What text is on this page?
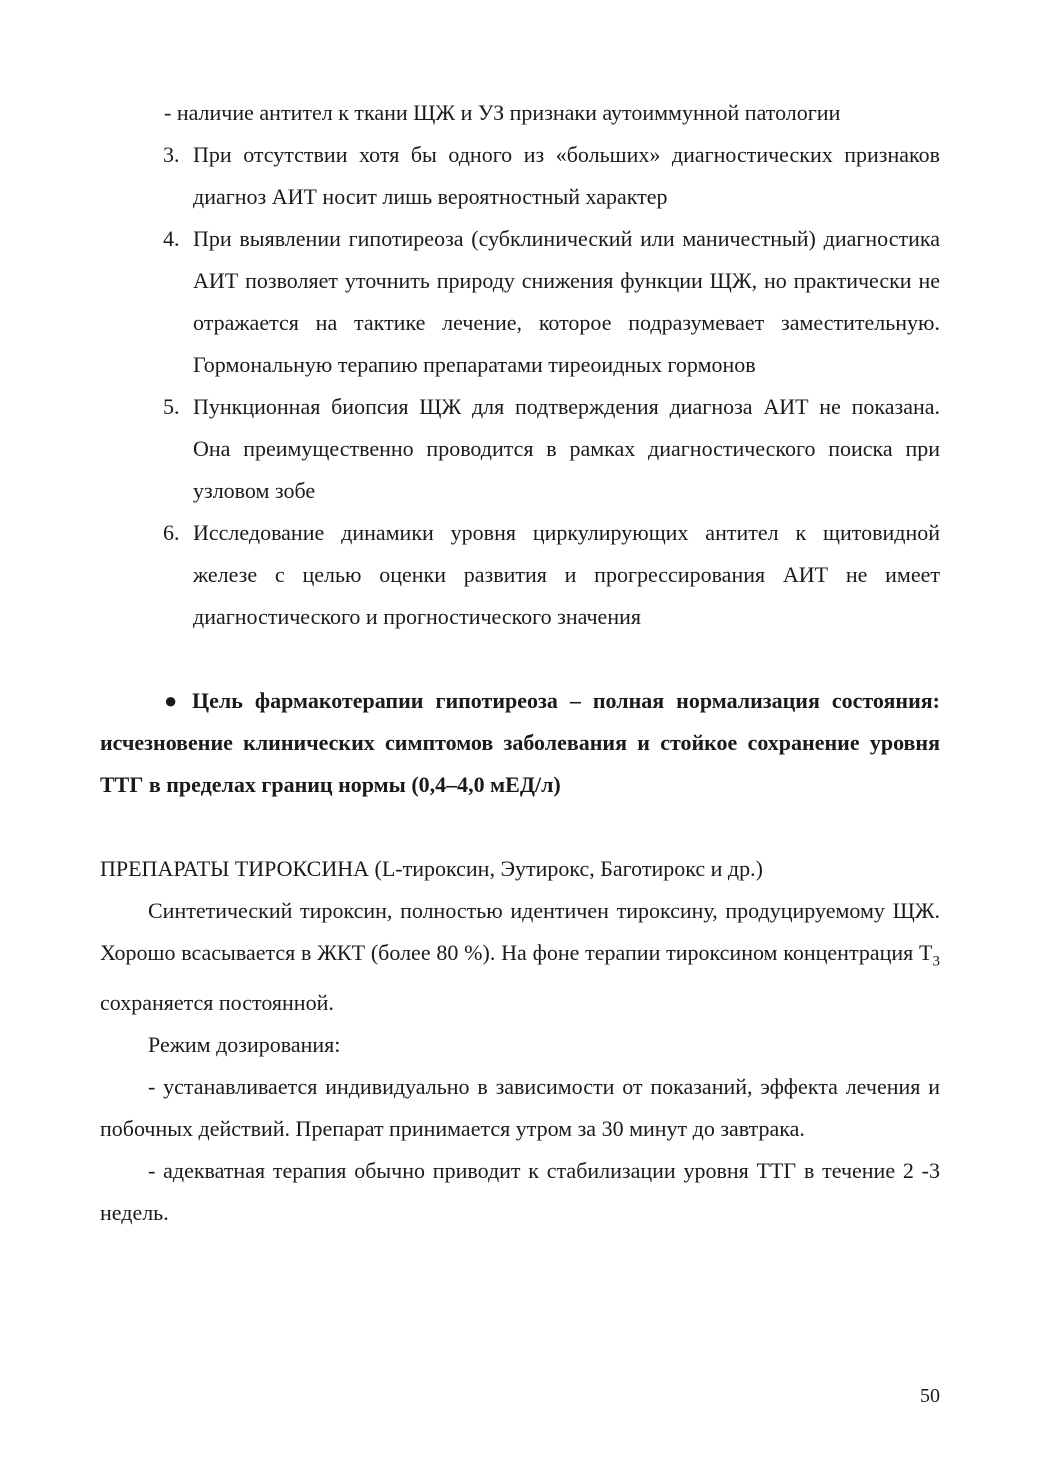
- наличие антител к ткани ЩЖ и УЗ признаки аутоиммунной патологии
3. При отсутствии хотя бы одного из «больших» диагностических признаков диагноз АИТ носит лишь вероятностный характер
4. При выявлении гипотиреоза (субклинический или маничестный) диагностика АИТ позволяет уточнить природу снижения функции ЩЖ, но практически не отражается на тактике лечение, которое подразумевает заместительную. Гормональную терапию препаратами тиреоидных гормонов
5. Пункционная биопсия ЩЖ для подтверждения диагноза АИТ не показана. Она преимущественно проводится в рамках диагностического поиска при узловом зобе
6. Исследование динамики уровня циркулирующих антител к щитовидной железе с целью оценки развития и прогрессирования АИТ не имеет диагностического и прогностического значения
● Цель фармакотерапии гипотиреоза – полная нормализация состояния: исчезновение клинических симптомов заболевания и стойкое сохранение уровня ТТГ в пределах границ нормы (0,4–4,0 мЕД/л)
ПРЕПАРАТЫ ТИРОКСИНА (L-тироксин, Эутирокс, Баготирокс и др.)
Синтетический тироксин, полностью идентичен тироксину, продуцируемому ЩЖ. Хорошо всасывается в ЖКТ (более 80 %). На фоне терапии тироксином концентрация $Т_3$ сохраняется постоянной.
Режим дозирования:
- устанавливается индивидуально в зависимости от показаний, эффекта лечения и побочных действий. Препарат принимается утром за 30 минут до завтрака.
- адекватная терапия обычно приводит к стабилизации уровня ТТГ в течение 2 -3 недель.
50
